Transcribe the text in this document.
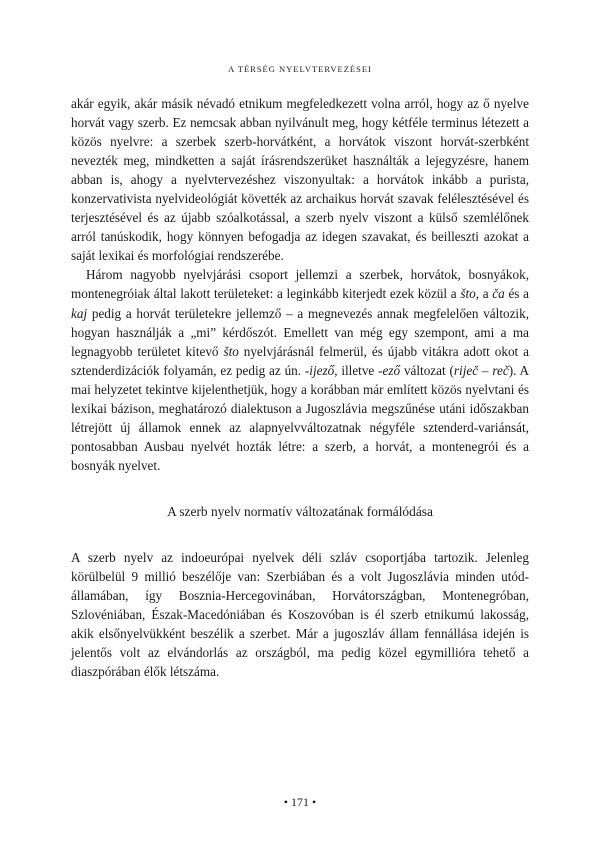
A TÉRSÉG NYELVTERVEZÉSEI

akár egyik, akár másik névadó etnikum megfeledkezett volna arról, hogy az ő nyelve horvát vagy szerb. Ez nemcsak abban nyilvánult meg, hogy kétféle terminus létezett a közös nyelvre: a szerbek szerb-horvátként, a horvátok viszont horvát-szerbként nevezték meg, mindketten a saját írásrendszerüket használták a lejegyzésre, hanem abban is, ahogy a nyelvtervezéshez viszonyultak: a horvátok inkább a purista, konzervativista nyelvideológiát követték az archaikus horvát szavak felélesztésével és terjesztésével és az újabb szóalkotással, a szerb nyelv viszont a külső szemlélőnek arról tanúskodik, hogy könnyen befogadja az idegen szavakat, és beilleszti azokat a saját lexikai és morfológiai rendszerébe.

Három nagyobb nyelvjárási csoport jellemzi a szerbek, horvátok, bosnyákok, montenegróiak által lakott területeket: a leginkább kiterjedt ezek közül a što, a ča és a kaj pedig a horvát területekre jellemző – a megnevezés annak megfelelően változik, hogyan használják a „mi” kérdőszót. Emellett van még egy szempont, ami a ma legnagyobb területet kitevő što nyelvjárásnál felmerül, és újabb vitákra adott okot a sztenderdizációk folyamán, ez pedig az ún. -ijező, illetve -ező változat (riječ – reč). A mai helyzetet tekintve kijelenthetjük, hogy a korábban már említett közös nyelvtani és lexikai bázison, meghatározó dialektuson a Jugoszlávia megszűnése utáni időszakban létrejött új államok ennek az alapnyelvváltozatnak négyféle sztenderd-variánsát, pontosabban Ausbau nyelvét hozták létre: a szerb, a horvát, a montenegrói és a bosnyák nyelvet.

A szerb nyelv normatív változatának formálódása

A szerb nyelv az indoeurópai nyelvek déli szláv csoportjába tartozik. Jelenleg körülbelül 9 millió beszélője van: Szerbiában és a volt Jugoszlávia minden utódállamában, így Bosznia-Hercegovinában, Horvátországban, Montenegróban, Szlovéniában, Észak-Macedóniában és Koszovóban is él szerb etnikumú lakosság, akik elsőnyelvükként beszélik a szerbet. Már a jugoszláv állam fennállása idején is jelentős volt az elvándorlás az országból, ma pedig közel egymillióra tehető a diaszpórában élők létszáma.

• 171 •
